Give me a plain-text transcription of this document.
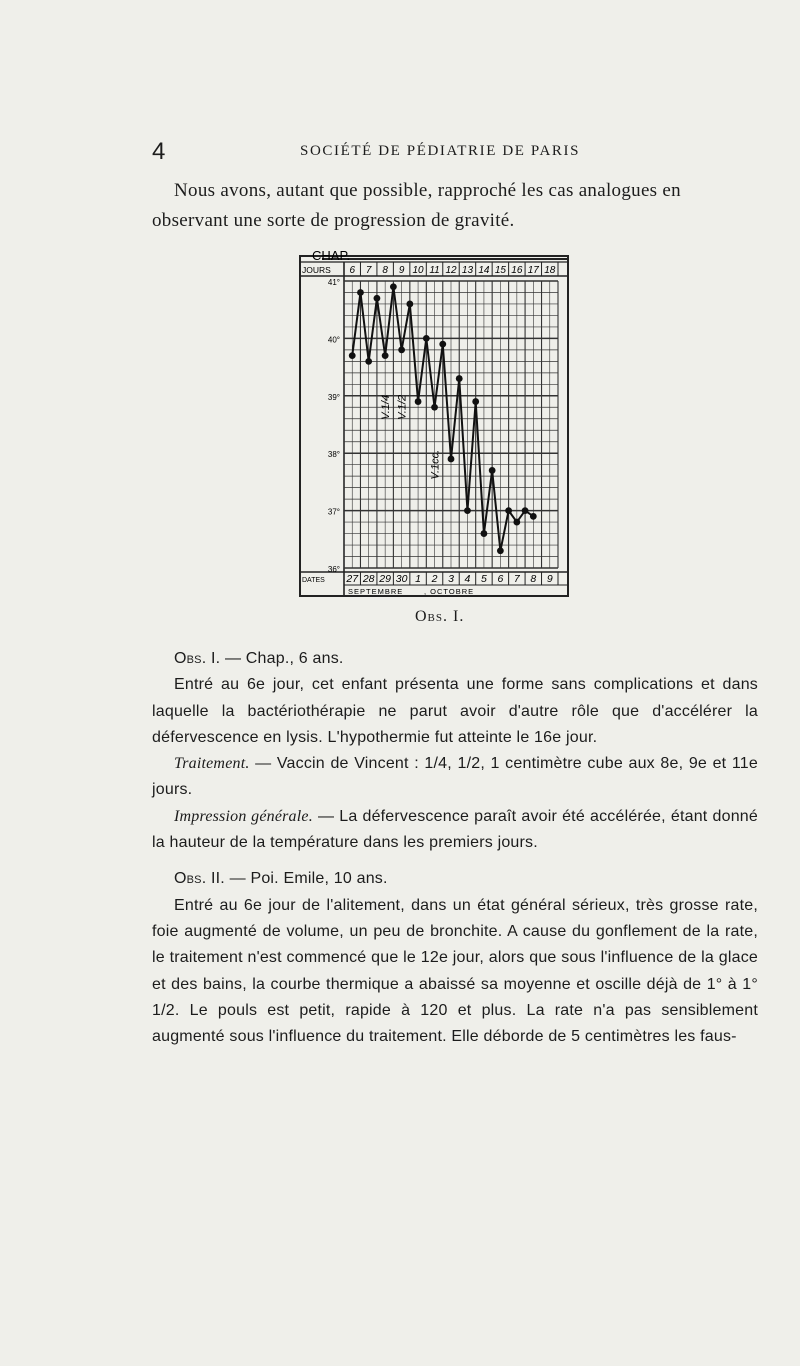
4	SOCIÉTÉ DE PÉDIATRIE DE PARIS

Nous avons, autant que possible, rapproché les cas analogues en observant une sorte de progression de gravité.

CHAP.
JOURS
DATES
6 7 8 9 10 11 12 13 14 15 16 17 18
27 28 29 30 1 2 3 4 5 6 7 8 9
SEPTEMBRE	, OCTOBRE
41°
40°
39°
38°
37°
36°
V.1/4 V.1/2
V.1cc.
Obs. I.

Obs. I. — Chap., 6 ans.

Entré au 6e jour, cet enfant présenta une forme sans complications et dans laquelle la bactériothérapie ne parut avoir d'autre rôle que d'accélérer la défervescence en lysis. L'hypothermie fut atteinte le 16e jour.

Traitement. — Vaccin de Vincent : 1/4, 1/2, 1 centimètre cube aux 8e, 9e et 11e jours.

Impression générale. — La défervescence paraît avoir été accélérée, étant donné la hauteur de la température dans les premiers jours.

Obs. II. — Poi. Emile, 10 ans.

Entré au 6e jour de l'alitement, dans un état général sérieux, très grosse rate, foie augmenté de volume, un peu de bronchite. A cause du gonflement de la rate, le traitement n'est commencé que le 12e jour, alors que sous l'influence de la glace et des bains, la courbe thermique a abaissé sa moyenne et oscille déjà de 1° à 1° 1/2. Le pouls est petit, rapide à 120 et plus. La rate n'a pas sensiblement augmenté sous l'influence du traitement. Elle déborde de 5 centimètres les faus-
